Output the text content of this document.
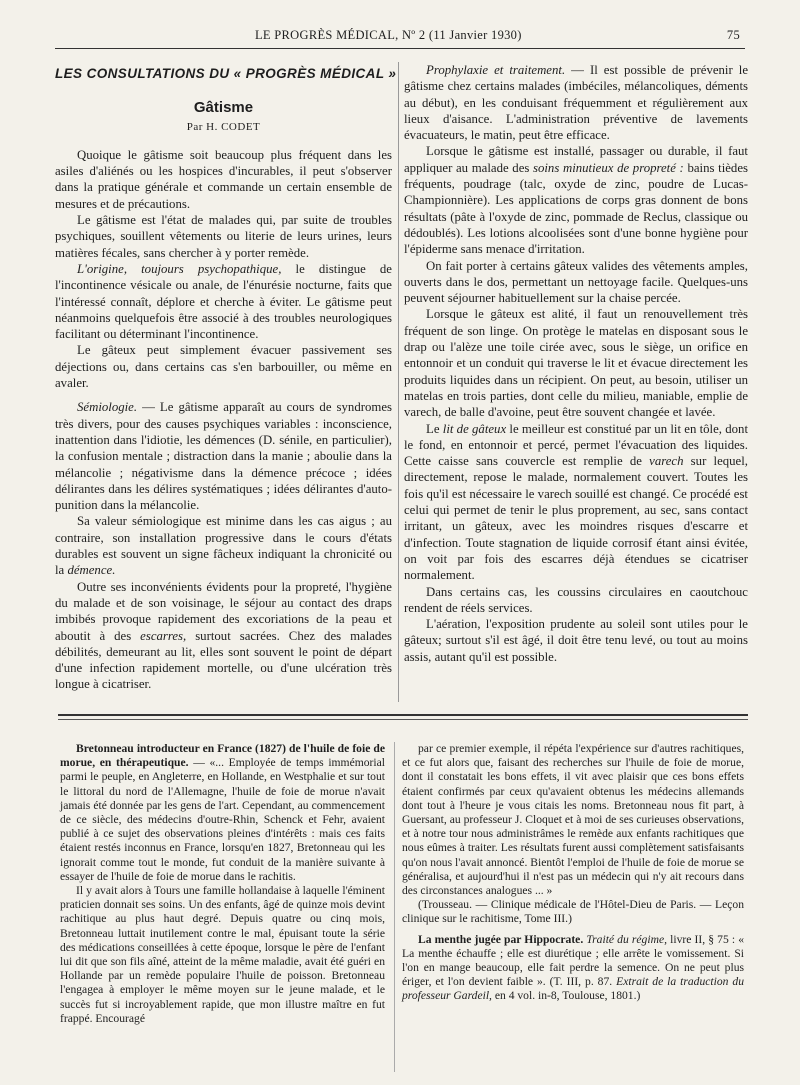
LE PROGRÈS MÉDICAL, Nº 2 (11 Janvier 1930)	75
LES CONSULTATIONS DU « PROGRÈS MÉDICAL »
Gâtisme
Par H. CODET

Quoique le gâtisme soit beaucoup plus fréquent dans les asiles d'aliénés ou les hospices d'incurables, il peut s'observer dans la pratique générale et commande un certain ensemble de mesures et de précautions.

Le gâtisme est l'état de malades qui, par suite de troubles psychiques, souillent vêtements ou literie de leurs urines, leurs matières fécales, sans chercher à y porter remède.

L'origine, toujours psychopathique, le distingue de l'incontinence vésicale ou anale, de l'énurésie nocturne, faits que l'intéressé connaît, déplore et cherche à éviter. Le gâtisme peut néanmoins quelquefois être associé à des troubles neurologiques facilitant ou déterminant l'incontinence.

Le gâteux peut simplement évacuer passivement ses déjections ou, dans certains cas s'en barbouiller, ou même en avaler.

Sémiologie. — Le gâtisme apparaît au cours de syndromes très divers, pour des causes psychiques variables : inconscience, inattention dans l'idiotie, les démences (D. sénile, en particulier), la confusion mentale ; distraction dans la manie ; aboulie dans la mélancolie ; négativisme dans la démence précoce ; idées délirantes dans les délires systématiques ; idées délirantes d'auto-punition dans la mélancolie.

Sa valeur sémiologique est minime dans les cas aigus ; au contraire, son installation progressive dans le cours d'états durables est souvent un signe fâcheux indiquant la chronicité ou la démence.

Outre ses inconvénients évidents pour la propreté, l'hygiène du malade et de son voisinage, le séjour au contact des draps imbibés provoque rapidement des excoriations de la peau et aboutit à des escarres, surtout sacrées. Chez des malades débilités, demeurant au lit, elles sont souvent le point de départ d'une infection rapidement mortelle, ou d'une ulcération très longue à cicatriser.

Prophylaxie et traitement. — Il est possible de prévenir le gâtisme chez certains malades (imbéciles, mélancoliques, déments au début), en les conduisant fréquemment et régulièrement aux lieux d'aisance. L'administration préventive de lavements évacuateurs, le matin, peut être efficace.

Lorsque le gâtisme est installé, passager ou durable, il faut appliquer au malade des soins minutieux de propreté : bains tièdes fréquents, poudrage (talc, oxyde de zinc, poudre de Lucas-Championnière). Les applications de corps gras donnent de bons résultats (pâte à l'oxyde de zinc, pommade de Reclus, classique ou dédoublés). Les lotions alcoolisées sont d'une bonne hygiène pour l'épiderme sans menace d'irritation.

On fait porter à certains gâteux valides des vêtements amples, ouverts dans le dos, permettant un nettoyage facile. Quelques-uns peuvent séjourner habituellement sur la chaise percée.

Lorsque le gâteux est alité, il faut un renouvellement très fréquent de son linge. On protège le matelas en disposant sous le drap ou l'alèze une toile cirée avec, sous le siège, un orifice en entonnoir et un conduit qui traverse le lit et évacue directement les produits liquides dans un récipient. On peut, au besoin, utiliser un matelas en trois parties, dont celle du milieu, maniable, emplie de varech, de balle d'avoine, peut être souvent changée et lavée.

Le lit de gâteux le meilleur est constitué par un lit en tôle, dont le fond, en entonnoir et percé, permet l'évacuation des liquides. Cette caisse sans couvercle est remplie de varech sur lequel, directement, repose le malade, normalement couvert. Toutes les fois qu'il est nécessaire le varech souillé est changé. Ce procédé est celui qui permet de tenir le plus proprement, au sec, sans contact irritant, un gâteux, avec les moindres risques d'escarre et d'infection. Toute stagnation de liquide corrosif étant ainsi évitée, on voit par fois des escarres déjà étendues se cicatriser normalement.

Dans certains cas, les coussins circulaires en caoutchouc rendent de réels services.

L'aération, l'exposition prudente au soleil sont utiles pour le gâteux; surtout s'il est âgé, il doit être tenu levé, ou tout au moins assis, autant qu'il est possible.

Bretonneau introducteur en France (1827) de l'huile de foie de morue, en thérapeutique. — «... Employée de temps immémorial parmi le peuple, en Angleterre, en Hollande, en Westphalie et sur tout le littoral du nord de l'Allemagne, l'huile de foie de morue n'avait jamais été donnée par les gens de l'art. Cependant, au commencement de ce siècle, des médecins d'outre-Rhin, Schenck et Fehr, avaient publié à ce sujet des observations pleines d'intérêts : mais ces faits étaient restés inconnus en France, lorsqu'en 1827, Bretonneau qui les ignorait comme tout le monde, fut conduit de la manière suivante à essayer de l'huile de foie de morue dans le rachitis.

Il y avait alors à Tours une famille hollandaise à laquelle l'éminent praticien donnait ses soins. Un des enfants, âgé de quinze mois devint rachitique au plus haut degré. Depuis quatre ou cinq mois, Bretonneau luttait inutilement contre le mal, épuisant toute la série des médications conseillées à cette époque, lorsque le père de l'enfant lui dit que son fils aîné, atteint de la même maladie, avait été guéri en Hollande par un remède populaire l'huile de poisson. Bretonneau l'engagea à employer le même moyen sur le jeune malade, et le succès fut si incroyablement rapide, que mon illustre maître en fut frappé. Encouragé

par ce premier exemple, il répéta l'expérience sur d'autres rachitiques, et ce fut alors que, faisant des recherches sur l'huile de foie de morue, dont il constatait les bons effets, il vit avec plaisir que ces bons effets étaient confirmés par ceux qu'avaient obtenus les médecins allemands dont tout à l'heure je vous citais les noms. Bretonneau nous fit part, à Guersant, au professeur J. Cloquet et à moi de ses curieuses observations, et à notre tour nous administrâmes le remède aux enfants rachitiques que nous eûmes à traiter. Les résultats furent aussi complètement satisfaisants qu'on nous l'avait annoncé. Bientôt l'emploi de l'huile de foie de morue se généralisa, et aujourd'hui il n'est pas un médecin qui n'y ait recours dans des circonstances analogues ... »

(Trousseau. — Clinique médicale de l'Hôtel-Dieu de Paris. — Leçon clinique sur le rachitisme, Tome III.)

La menthe jugée par Hippocrate. Traité du régime, livre II, § 75 : « La menthe échauffe ; elle est diurétique ; elle arrête le vomissement. Si l'on en mange beaucoup, elle fait perdre la semence. On ne peut plus ériger, et l'on devient faible ». (T. III, p. 87. Extrait de la traduction du professeur Gardeil, en 4 vol. in-8, Toulouse, 1801.)
